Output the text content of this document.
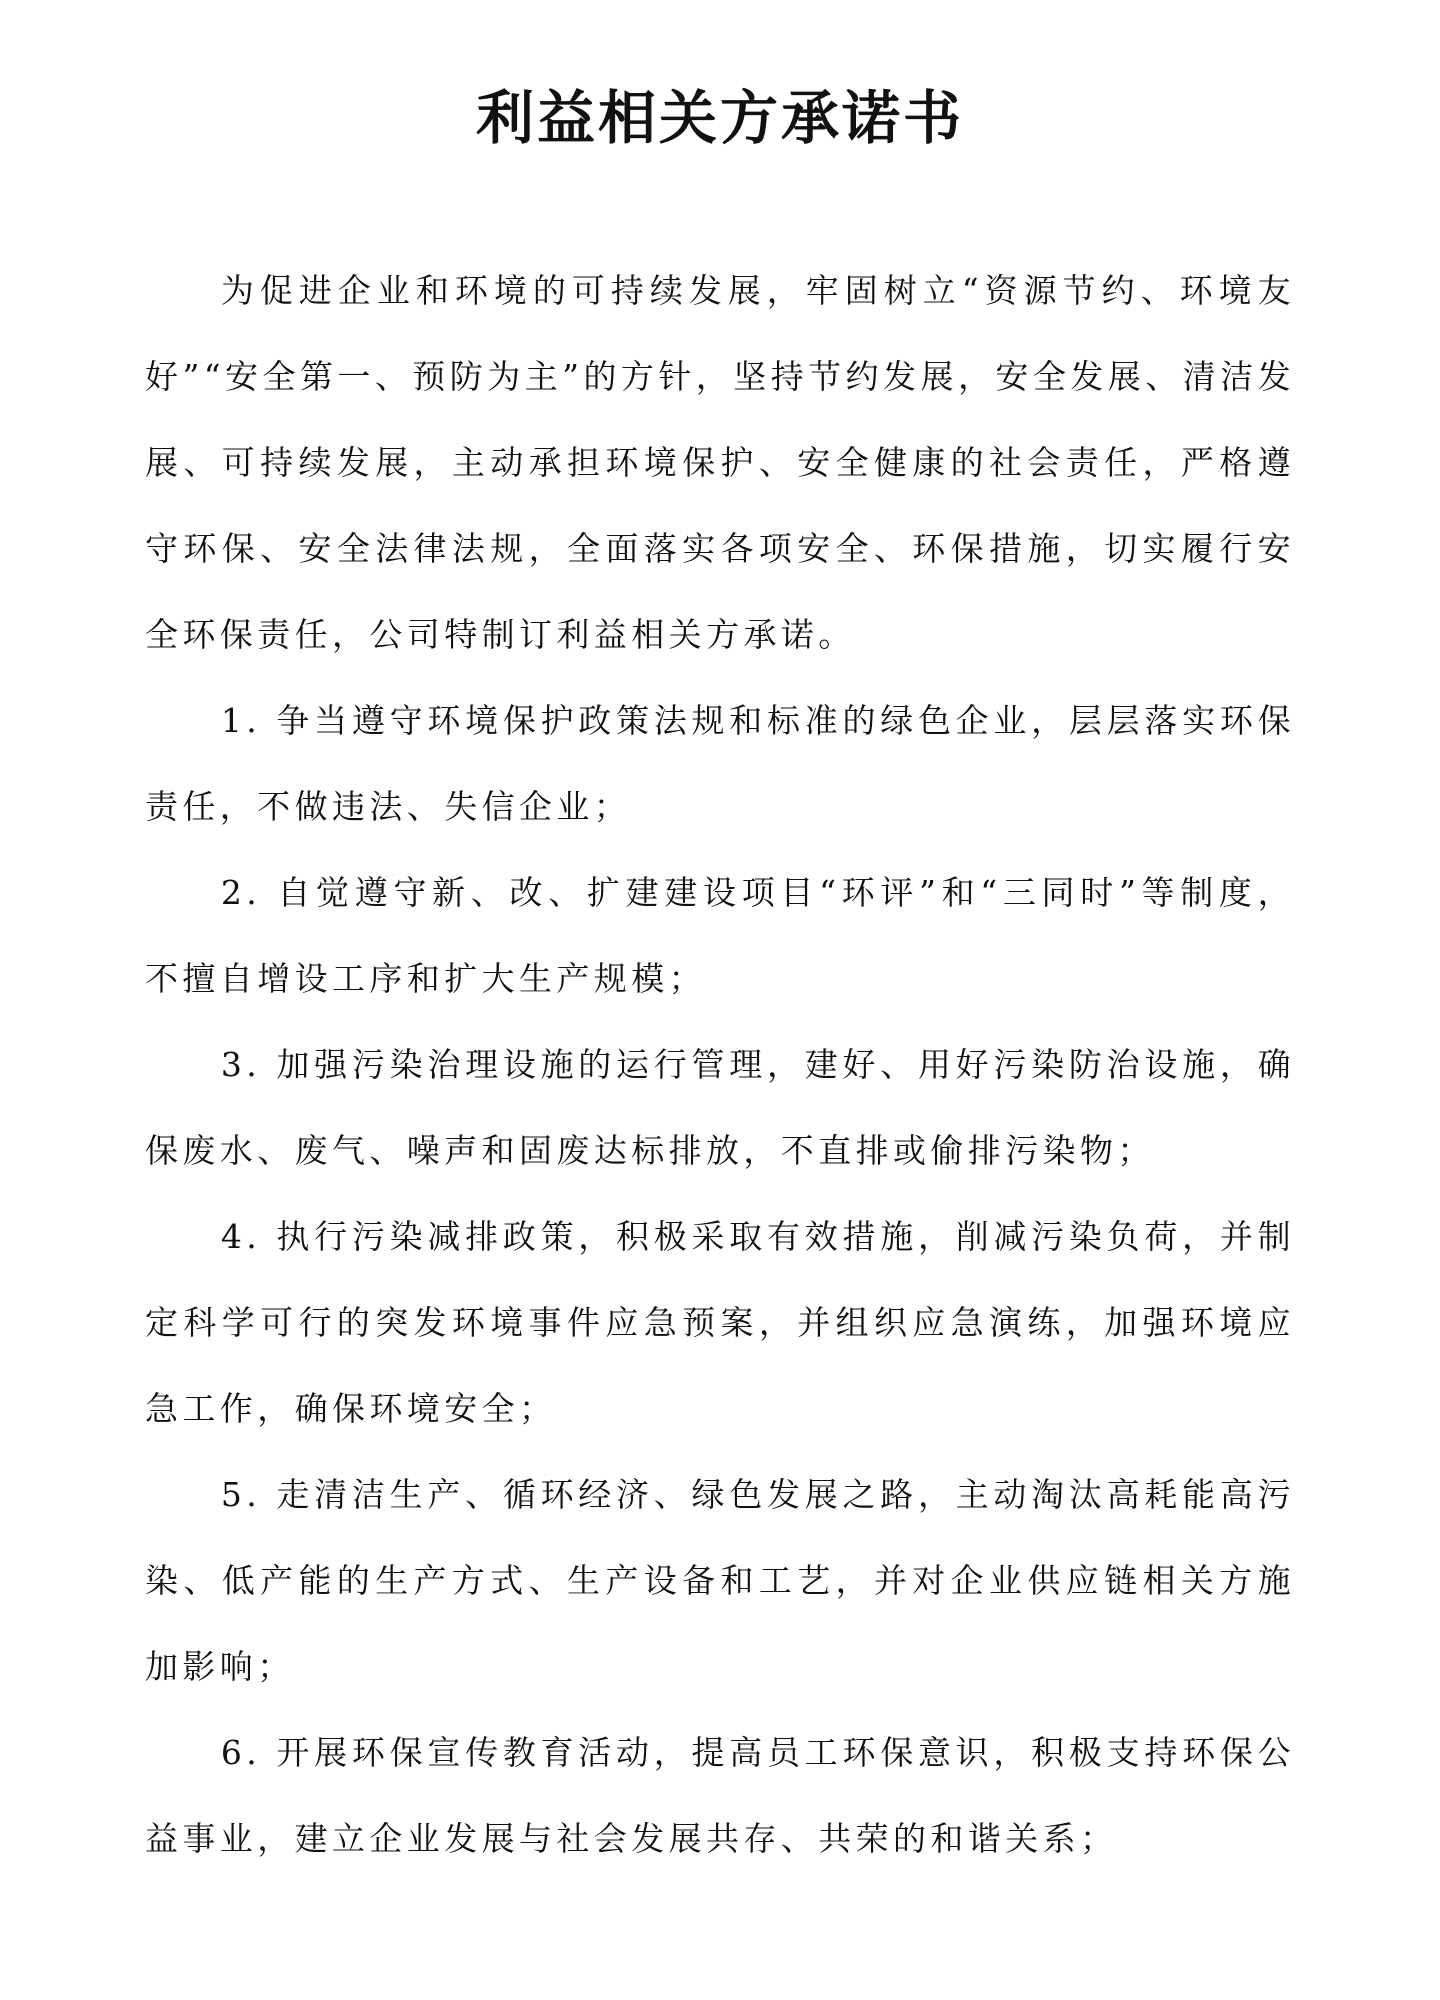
利益相关方承诺书

为促进企业和环境的可持续发展，牢固树立“资源节约、环境友好”“安全第一、预防为主”的方针，坚持节约发展，安全发展、清洁发展、可持续发展，主动承担环境保护、安全健康的社会责任，严格遵守环保、安全法律法规，全面落实各项安全、环保措施，切实履行安全环保责任，公司特制订利益相关方承诺。

1. 争当遵守环境保护政策法规和标准的绿色企业，层层落实环保责任，不做违法、失信企业；

2. 自觉遵守新、改、扩建建设项目“环评”和“三同时”等制度，不擅自增设工序和扩大生产规模；

3. 加强污染治理设施的运行管理，建好、用好污染防治设施，确保废水、废气、噪声和固废达标排放，不直排或偷排污染物；

4. 执行污染减排政策，积极采取有效措施，削减污染负荷，并制定科学可行的突发环境事件应急预案，并组织应急演练，加强环境应急工作，确保环境安全；

5. 走清洁生产、循环经济、绿色发展之路，主动淘汰高耗能高污染、低产能的生产方式、生产设备和工艺，并对企业供应链相关方施加影响；

6. 开展环保宣传教育活动，提高员工环保意识，积极支持环保公益事业，建立企业发展与社会发展共存、共荣的和谐关系；
